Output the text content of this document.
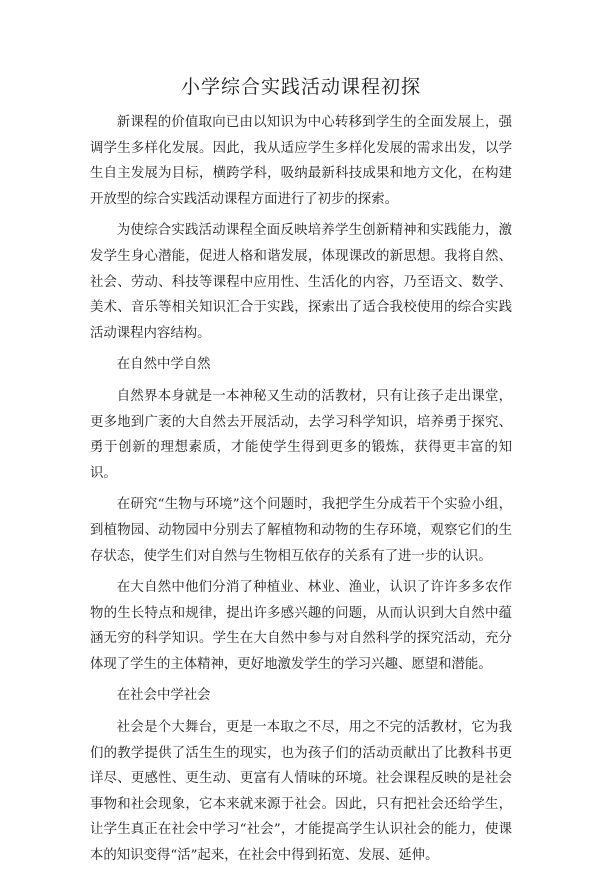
小学综合实践活动课程初探

新课程的价值取向已由以知识为中心转移到学生的全面发展上，强调学生多样化发展。因此，我从适应学生多样化发展的需求出发，以学生自主发展为目标，横跨学科，吸纳最新科技成果和地方文化，在构建开放型的综合实践活动课程方面进行了初步的探索。

为使综合实践活动课程全面反映培养学生创新精神和实践能力，激发学生身心潜能，促进人格和谐发展，体现课改的新思想。我将自然、社会、劳动、科技等课程中应用性、生活化的内容，乃至语文、数学、美术、音乐等相关知识汇合于实践，探索出了适合我校使用的综合实践活动课程内容结构。

在自然中学自然

自然界本身就是一本神秘又生动的活教材，只有让孩子走出课堂，更多地到广袤的大自然去开展活动，去学习科学知识，培养勇于探究、勇于创新的理想素质，才能使学生得到更多的锻炼，获得更丰富的知识。

在研究“生物与环境”这个问题时，我把学生分成若干个实验小组，到植物园、动物园中分别去了解植物和动物的生存环境，观察它们的生存状态，使学生们对自然与生物相互依存的关系有了进一步的认识。

在大自然中他们分消了种植业、林业、渔业，认识了许许多多农作物的生长特点和规律，提出许多感兴趣的问题，从而认识到大自然中蕴涵无穷的科学知识。学生在大自然中参与对自然科学的探究活动，充分体现了学生的主体精神，更好地激发学生的学习兴趣、愿望和潜能。

在社会中学社会

社会是个大舞台，更是一本取之不尽，用之不完的活教材，它为我们的教学提供了活生生的现实，也为孩子们的活动贡献出了比教科书更详尽、更感性、更生动、更富有人情味的环境。社会课程反映的是社会事物和社会现象，它本来就来源于社会。因此，只有把社会还给学生，让学生真正在社会中学习“社会”，才能提高学生认识社会的能力，使课本的知识变得“活”起来，在社会中得到拓宽、发展、延伸。
